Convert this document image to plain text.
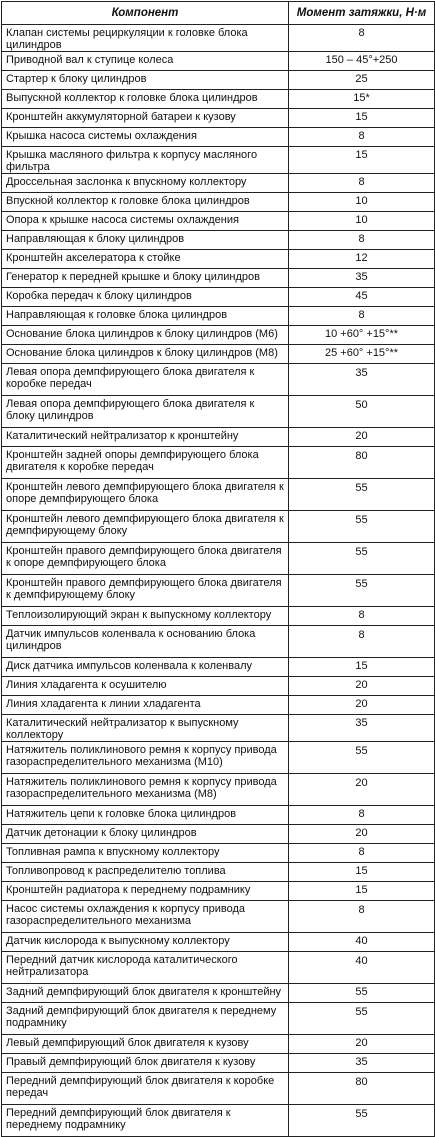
Компонент	Момент затяжки, Н·м
Клапан системы рециркуляции к головке блока цилиндров	8
Приводной вал к ступице колеса	150 – 45°+250
Стартер к блоку цилиндров	25
Выпускной коллектор к головке блока цилиндров	15*
Кронштейн аккумуляторной батареи к кузову	15
Крышка насоса системы охлаждения	8
Крышка масляного фильтра к корпусу масляного фильтра	15
Дроссельная заслонка к впускному коллектору	8
Впускной коллектор к головке блока цилиндров	10
Опора к крышке насоса системы охлаждения	10
Направляющая к блоку цилиндров	8
Кронштейн акселератора к стойке	12
Генератор к передней крышке и блоку цилиндров	35
Коробка передач к блоку цилиндров	45
Направляющая к головке блока цилиндров	8
Основание блока цилиндров к блоку цилиндров (М6)	10 +60° +15°**
Основание блока цилиндров к блоку цилиндров (М8)	25 +60° +15°**
Левая опора демпфирующего блока двигателя к коробке передач	35
Левая опора демпфирующего блока двигателя к блоку цилиндров	50
Каталитический нейтрализатор к кронштейну	20
Кронштейн задней опоры демпфирующего блока двигателя к коробке передач	80
Кронштейн левого демпфирующего блока двигателя к опоре демпфирующего блока	55
Кронштейн левого демпфирующего блока двигателя к демпфирующему блоку	55
Кронштейн правого демпфирующего блока двигателя к опоре демпфирующего блока	55
Кронштейн правого демпфирующего блока двигателя к демпфирующему блоку	55
Теплоизолирующий экран к выпускному коллектору	8
Датчик импульсов коленвала к основанию блока цилиндров	8
Диск датчика импульсов коленвала к коленвалу	15
Линия хладагента к осушителю	20
Линия хладагента к линии хладагента	20
Каталитический нейтрализатор к выпускному коллектору	35
Натяжитель поликлинового ремня к корпусу привода газораспределительного механизма (М10)	55
Натяжитель поликлинового ремня к корпусу привода газораспределительного механизма (М8)	20
Натяжитель цепи к головке блока цилиндров	8
Датчик детонации к блоку цилиндров	20
Топливная рампа к впускному коллектору	8
Топливопровод к распределителю топлива	15
Кронштейн радиатора к переднему подрамнику	15
Насос системы охлаждения к корпусу привода газораспределительного механизма	8
Датчик кислорода к выпускному коллектору	40
Передний датчик кислорода каталитического нейтрализатора	40
Задний демпфирующий блок двигателя к кронштейну	55
Задний демпфирующий блок двигателя к переднему подрамнику	55
Левый демпфирующий блок двигателя к кузову	20
Правый демпфирующий блок двигателя к кузову	35
Передний демпфирующий блок двигателя к коробке передач	80
Передний демпфирующий блок двигателя к переднему подрамнику	55
